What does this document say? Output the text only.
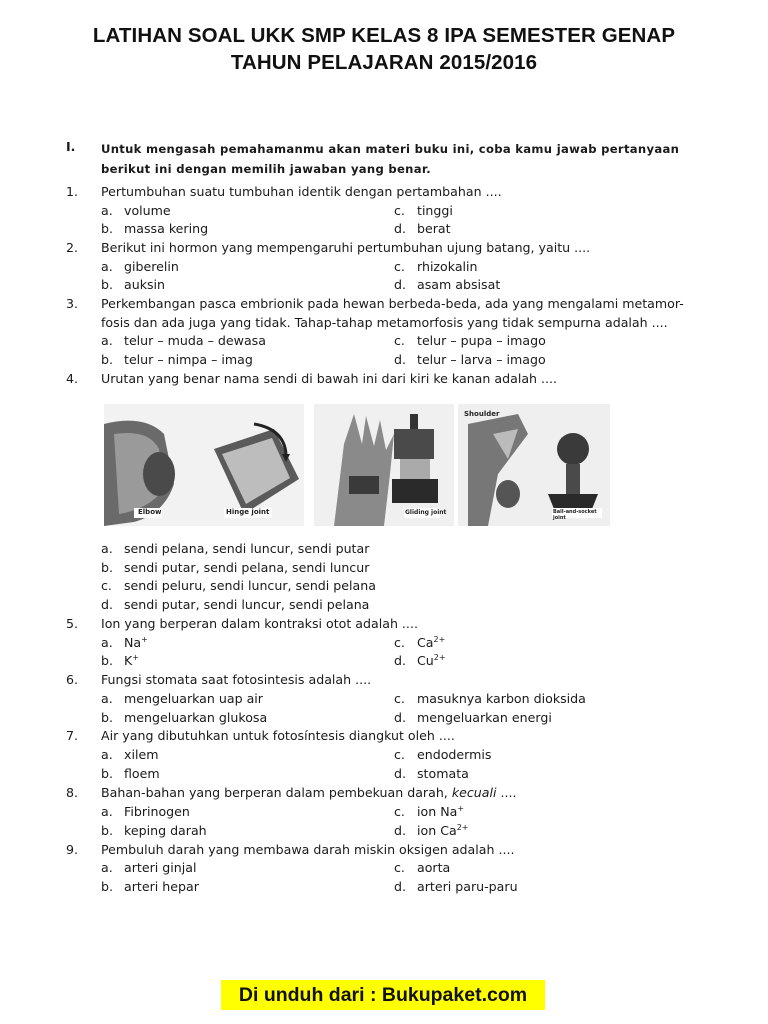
LATIHAN SOAL UKK SMP KELAS 8 IPA SEMESTER GENAP
TAHUN PELAJARAN 2015/2016
I. Untuk mengasah pemahamanmu akan materi buku ini, coba kamu jawab pertanyaan berikut ini dengan memilih jawaban yang benar.
1. Pertumbuhan suatu tumbuhan identik dengan pertambahan ....
a. volume	c. tinggi
b. massa kering	d. berat
2. Berikut ini hormon yang mempengaruhi pertumbuhan ujung batang, yaitu ....
a. giberelin	c. rhizokalin
b. auksin	d. asam absisat
3. Perkembangan pasca embrionik pada hewan berbeda-beda, ada yang mengalami metamor-
fosis dan ada juga yang tidak. Tahap-tahap metamorfosis yang tidak sempurna adalah ....
a. telur – muda – dewasa	c. telur – pupa – imago
b. telur – nimpa – imag	d. telur – larva – imago
4. Urutan yang benar nama sendi di bawah ini dari kiri ke kanan adalah ....
Elbow	Hinge joint	Gliding joint
Shoulder
Ball-and-socket joint
a. sendi pelana, sendi luncur, sendi putar
b. sendi putar, sendi pelana, sendi luncur
c. sendi peluru, sendi luncur, sendi pelana
d. sendi putar, sendi luncur, sendi pelana
5. Ion yang berperan dalam kontraksi otot adalah ....
a. Na+	c. $Ca^{2+}$
b. K+	d. $Cu^{2+}$
6. Fungsi stomata saat fotosintesis adalah ....
a. mengeluarkan uap air	c. masuknya karbon dioksida
b. mengeluarkan glukosa	d. mengeluarkan energi
7. Air yang dibutuhkan untuk fotosíntesis diangkut oleh ....
a. xilem	c. endodermis
b. floem	d. stomata
8. Bahan-bahan yang berperan dalam pembekuan darah, kecuali ....
a. Fibrinogen	c. ion Na+
b. keping darah	d. ion $Ca^{2+}$
9. Pembuluh darah yang membawa darah miskin oksigen adalah ....
a. arteri ginjal	c. aorta
b. arteri hepar	d. arteri paru-paru
Di unduh dari : Bukupaket.com
